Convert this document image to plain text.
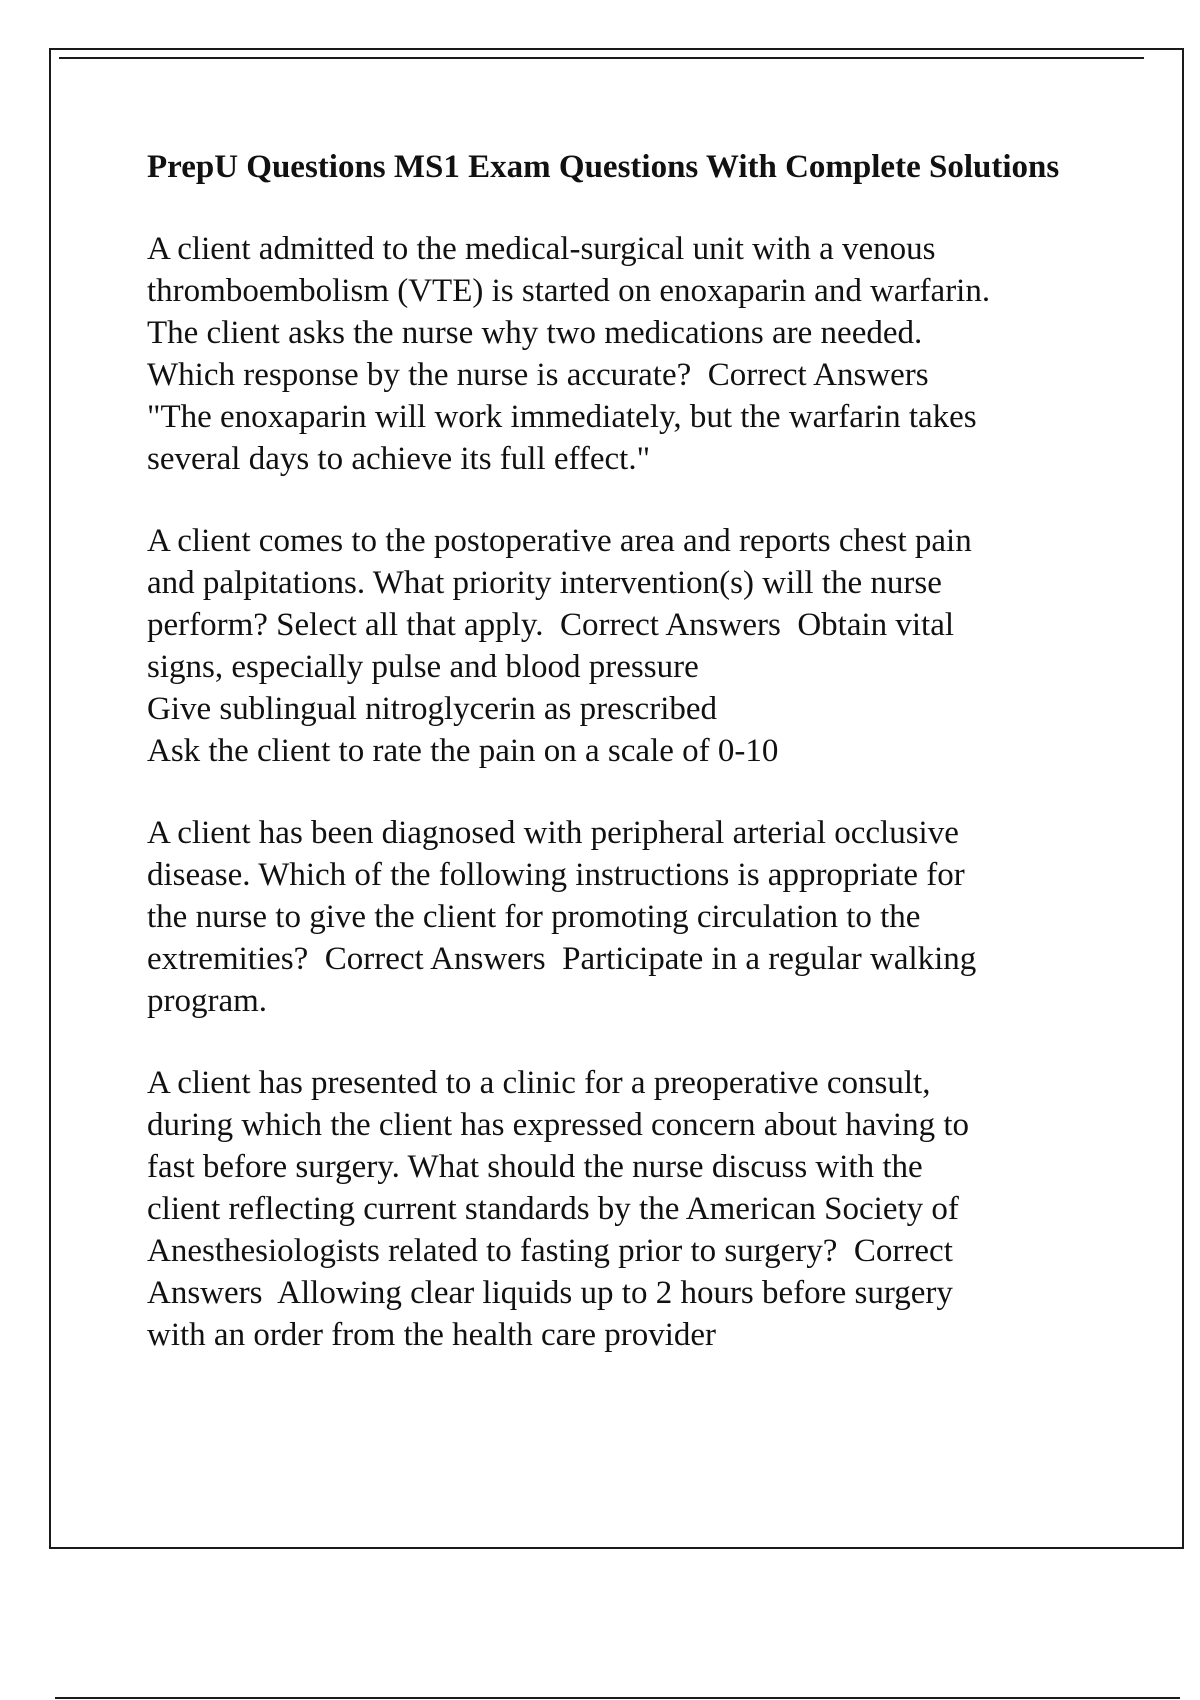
PrepU Questions MS1 Exam Questions With Complete Solutions

A client admitted to the medical-surgical unit with a venous
thromboembolism (VTE) is started on enoxaparin and warfarin.
The client asks the nurse why two medications are needed.
Which response by the nurse is accurate?  Correct Answers
"The enoxaparin will work immediately, but the warfarin takes
several days to achieve its full effect."

A client comes to the postoperative area and reports chest pain
and palpitations. What priority intervention(s) will the nurse
perform? Select all that apply.  Correct Answers  Obtain vital
signs, especially pulse and blood pressure
Give sublingual nitroglycerin as prescribed
Ask the client to rate the pain on a scale of 0-10

A client has been diagnosed with peripheral arterial occlusive
disease. Which of the following instructions is appropriate for
the nurse to give the client for promoting circulation to the
extremities?  Correct Answers  Participate in a regular walking
program.

A client has presented to a clinic for a preoperative consult,
during which the client has expressed concern about having to
fast before surgery. What should the nurse discuss with the
client reflecting current standards by the American Society of
Anesthesiologists related to fasting prior to surgery?  Correct
Answers  Allowing clear liquids up to 2 hours before surgery
with an order from the health care provider
